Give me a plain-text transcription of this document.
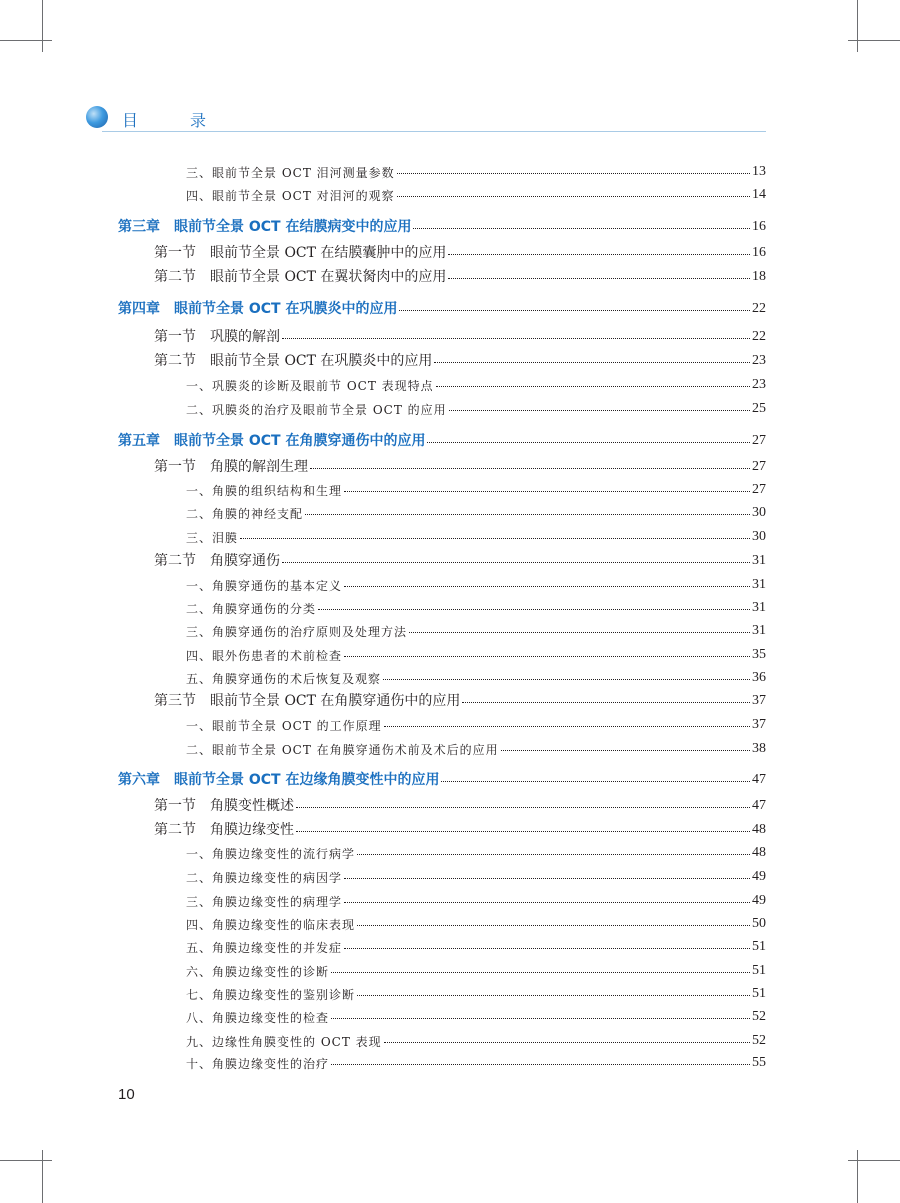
目　录
三、眼前节全景 OCT 泪河测量参数	13
四、眼前节全景 OCT 对泪河的观察	14
第三章　眼前节全景 OCT 在结膜病变中的应用	16
第一节　眼前节全景 OCT 在结膜囊肿中的应用	16
第二节　眼前节全景 OCT 在翼状胬肉中的应用	18
第四章　眼前节全景 OCT 在巩膜炎中的应用	22
第一节　巩膜的解剖	22
第二节　眼前节全景 OCT 在巩膜炎中的应用	23
一、巩膜炎的诊断及眼前节 OCT 表现特点	23
二、巩膜炎的治疗及眼前节全景 OCT 的应用	25
第五章　眼前节全景 OCT 在角膜穿通伤中的应用	27
第一节　角膜的解剖生理	27
一、角膜的组织结构和生理	27
二、角膜的神经支配	30
三、泪膜	30
第二节　角膜穿通伤	31
一、角膜穿通伤的基本定义	31
二、角膜穿通伤的分类	31
三、角膜穿通伤的治疗原则及处理方法	31
四、眼外伤患者的术前检查	35
五、角膜穿通伤的术后恢复及观察	36
第三节　眼前节全景 OCT 在角膜穿通伤中的应用	37
一、眼前节全景 OCT 的工作原理	37
二、眼前节全景 OCT 在角膜穿通伤术前及术后的应用	38
第六章　眼前节全景 OCT 在边缘角膜变性中的应用	47
第一节　角膜变性概述	47
第二节　角膜边缘变性	48
一、角膜边缘变性的流行病学	48
二、角膜边缘变性的病因学	49
三、角膜边缘变性的病理学	49
四、角膜边缘变性的临床表现	50
五、角膜边缘变性的并发症	51
六、角膜边缘变性的诊断	51
七、角膜边缘变性的鉴别诊断	51
八、角膜边缘变性的检查	52
九、边缘性角膜变性的 OCT 表现	52
十、角膜边缘变性的治疗	55
10
